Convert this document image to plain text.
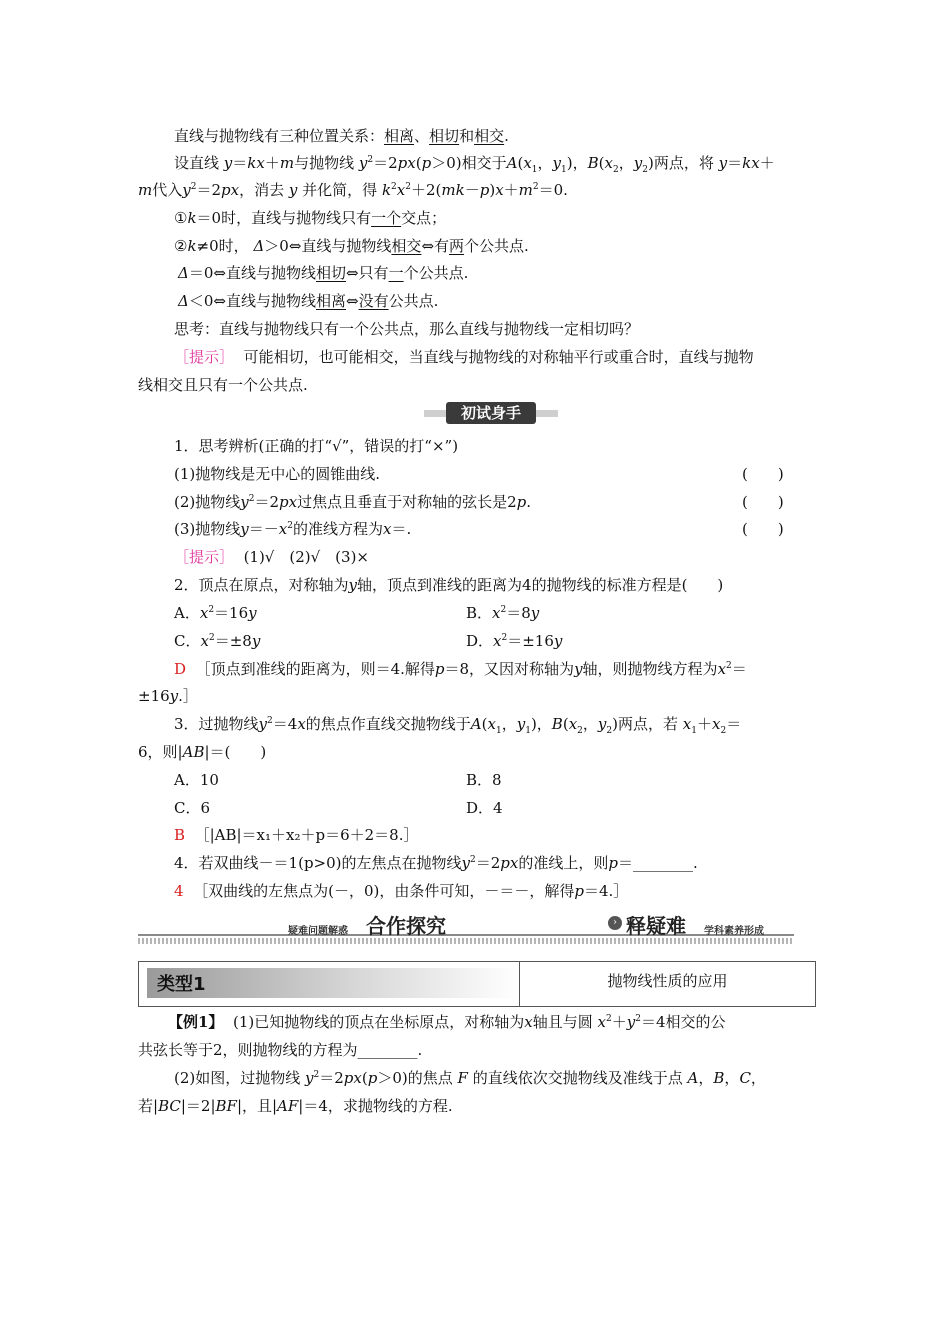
直线与抛物线有三种位置关系：相离、相切和相交.
设直线 y＝kx＋m与抛物线 $y^2=2px(p>0)$相交于$A(x_1$，$y_1$)，$B(x_2$，$y_2$)两点，将 y＝kx＋
m代入$y^2=2px$，消去 y 并化简，得 $k^2x^2+2(mk-p)x+m^2=0$.
①k＝0时，直线与抛物线只有一个交点；
②k≠0时， Δ＞0⇔直线与抛物线相交⇔有两个公共点.
Δ＝0⇔直线与抛物线相切⇔只有一个公共点.
Δ＜0⇔直线与抛物线相离⇔没有公共点.
思考：直线与抛物线只有一个公共点，那么直线与抛物线一定相切吗？
［提示］ 可能相切，也可能相交，当直线与抛物线的对称轴平行或重合时，直线与抛物
线相交且只有一个公共点.
初试身手
1．思考辨析(正确的打“√”，错误的打“×”)
(1)抛物线是无中心的圆锥曲线.	(　　)
(2)抛物线$y^2=2px$过焦点且垂直于对称轴的弦长是2p.	(　　)
(3)抛物线$y=-x^2$的准线方程为x＝.	(　　)
［提示］ (1)√　(2)√　(3)×
2．顶点在原点，对称轴为y轴，顶点到准线的距离为4的抛物线的标准方程是(　　)
A．$x^2=16y$	B．$x^2=8y$
C．$x^2=\pm 8y$	D．$x^2=\pm 16y$
D ［顶点到准线的距离为，则＝4.解得p＝8，又因对称轴为y轴，则抛物线方程为$x^2=$
±16y.］
3．过抛物线$y^2=4x$的焦点作直线交抛物线于$A(x_1$，$y_1$)，$B(x_2$，$y_2$)两点，若 $x_1+x_2=$
6，则|AB|＝(　　)
A．10	B．8
C．6	D．4
B ［|AB|＝x₁＋x₂＋p＝6＋2＝8.］
4．若双曲线－＝1(p>0)的左焦点在抛物线$y^2=2px$的准线上，则p＝________.
4 ［双曲线的左焦点为(－，0)，由条件可知，－＝－，解得p＝4.］
疑难问题解惑 合作探究	› 释疑难 学科素养形成
类型1	抛物线性质的应用
【例1】 (1)已知抛物线的顶点在坐标原点，对称轴为x轴且与圆 $x^2+y^2=4$相交的公
共弦长等于2，则抛物线的方程为________.
(2)如图，过抛物线 $y^2=2px(p>0)$的焦点 F 的直线依次交抛物线及准线于点 A，B，C，
若|BC|＝2|BF|，且|AF|＝4，求抛物线的方程.
